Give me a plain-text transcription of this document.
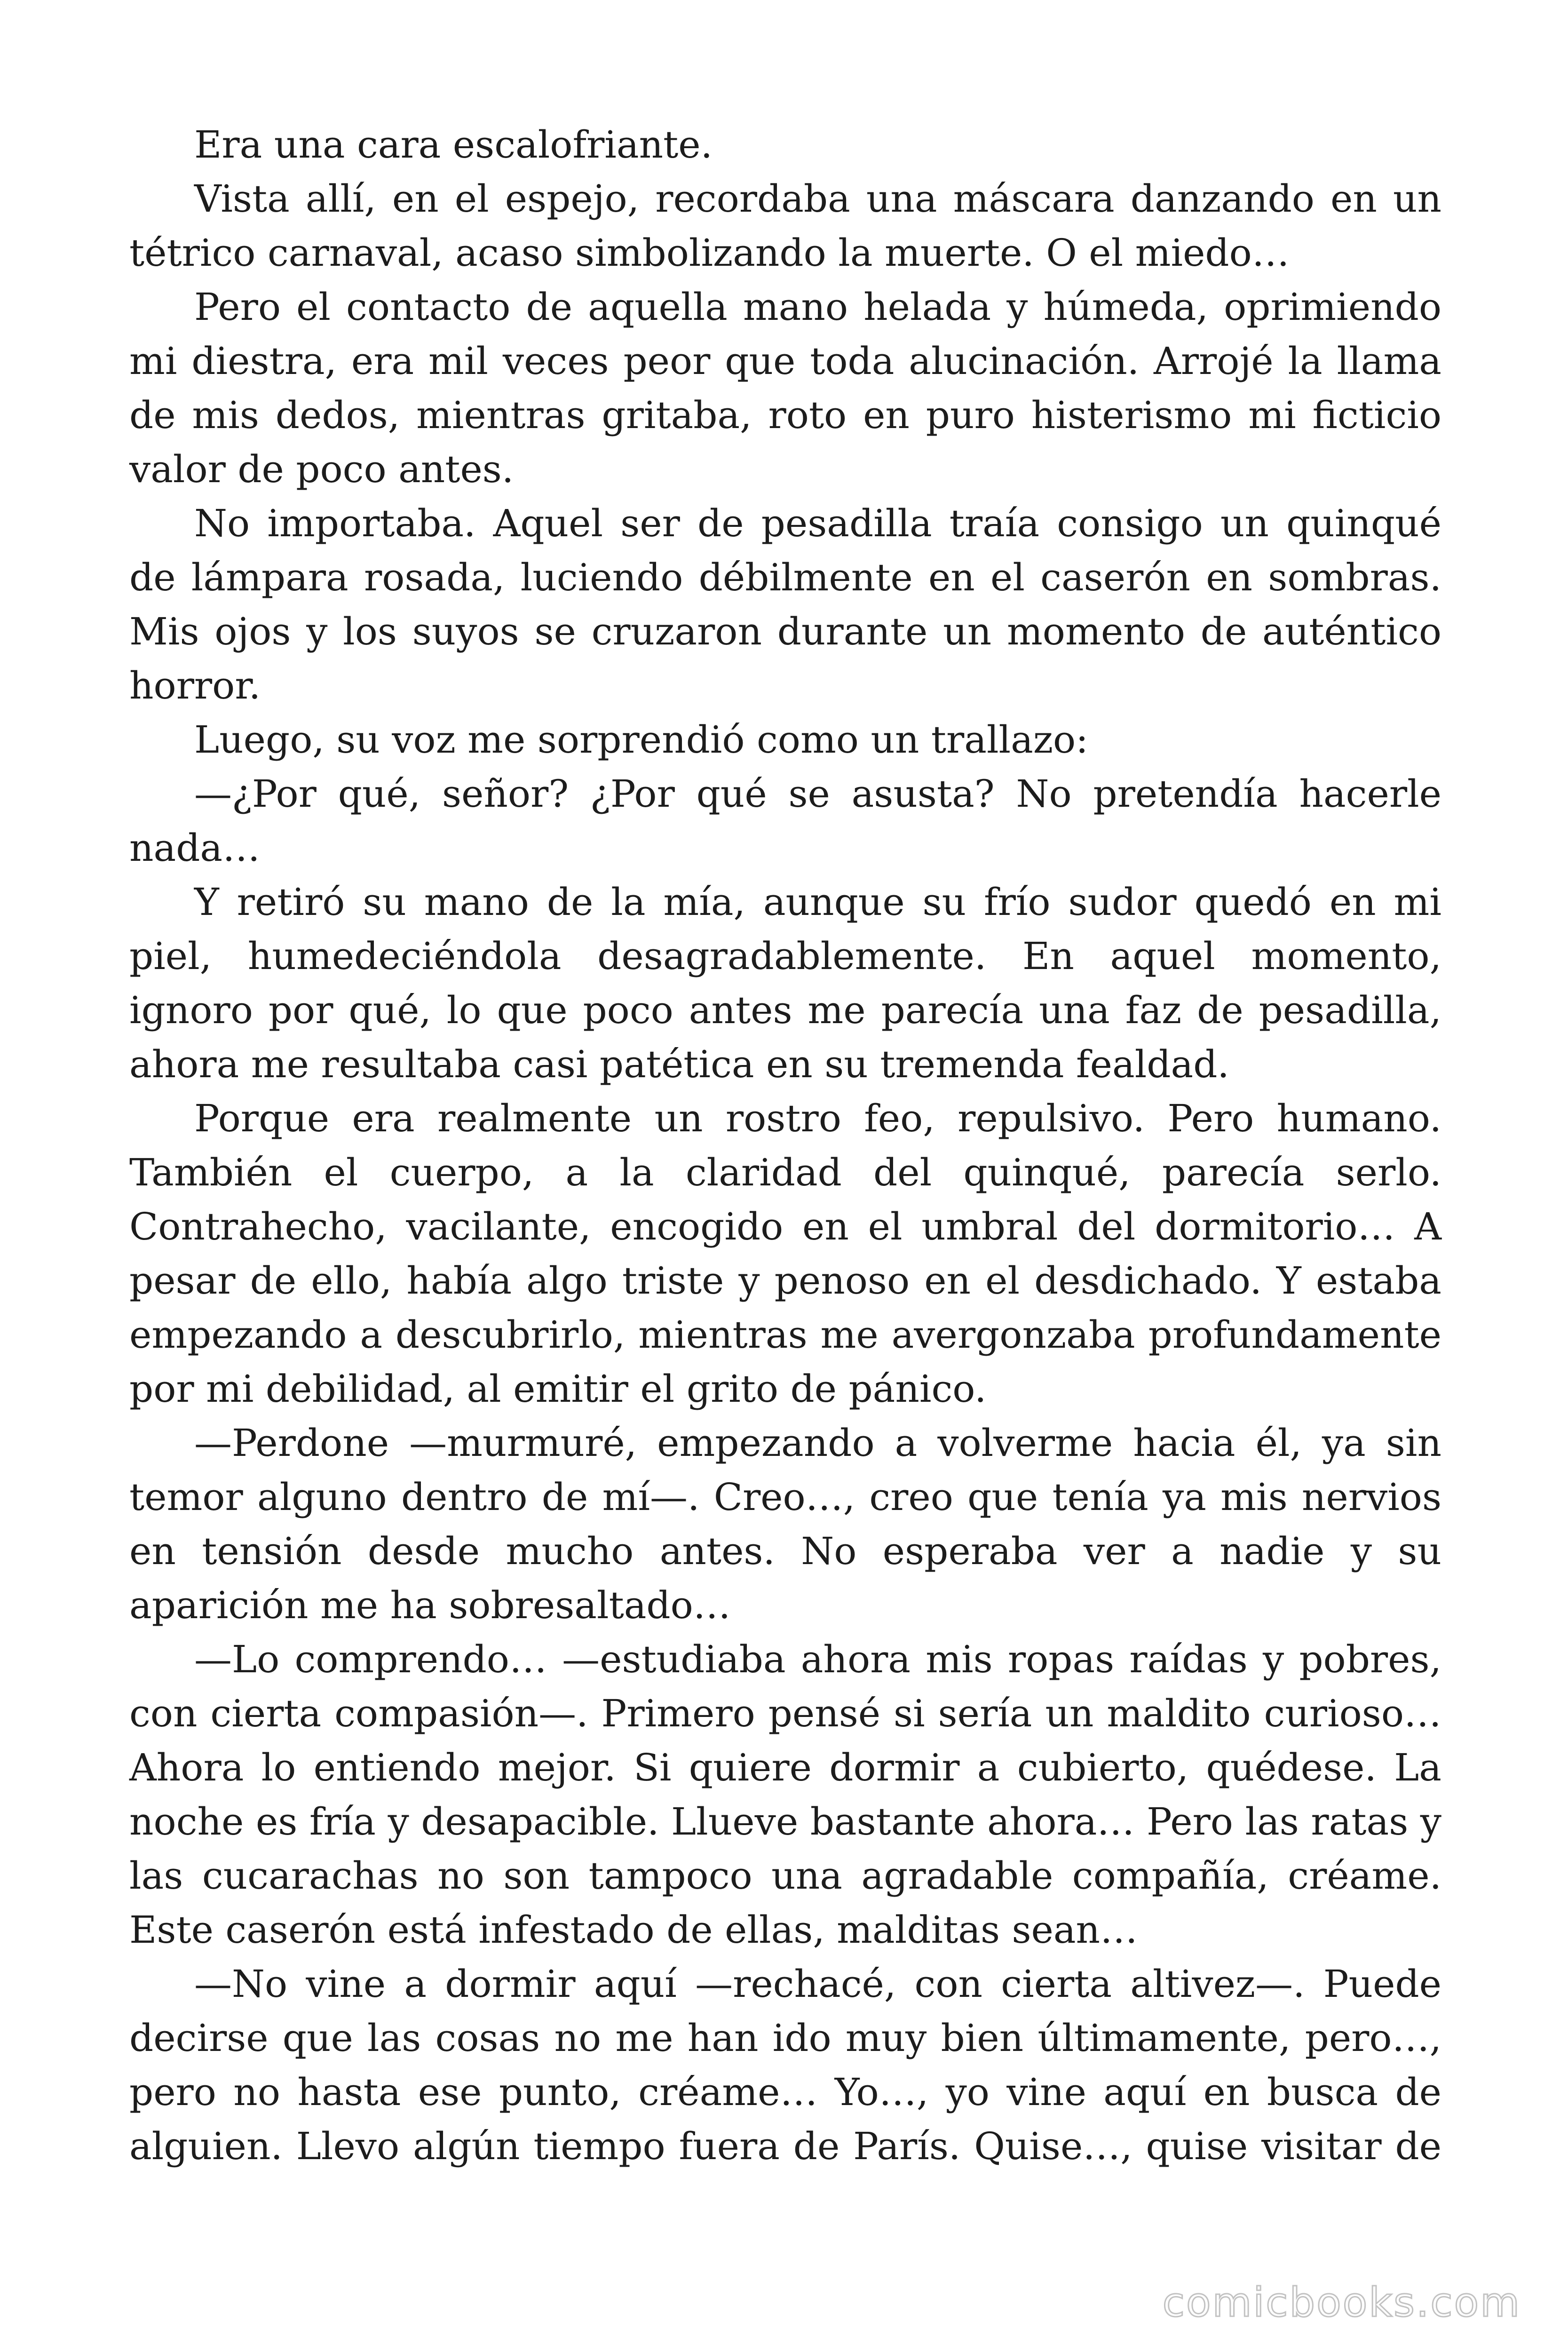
Era una cara escalofriante.

Vista allí, en el espejo, recordaba una máscara danzando en un tétrico carnaval, acaso simbolizando la muerte. O el miedo…

Pero el contacto de aquella mano helada y húmeda, oprimiendo mi diestra, era mil veces peor que toda alucinación. Arrojé la llama de mis dedos, mientras gritaba, roto en puro histerismo mi ficticio valor de poco antes.

No importaba. Aquel ser de pesadilla traía consigo un quinqué de lámpara rosada, luciendo débilmente en el caserón en sombras. Mis ojos y los suyos se cruzaron durante un momento de auténtico horror.

Luego, su voz me sorprendió como un trallazo:

—¿Por qué, señor? ¿Por qué se asusta? No pretendía hacerle nada…

Y retiró su mano de la mía, aunque su frío sudor quedó en mi piel, humedeciéndola desagradablemente. En aquel momento, ignoro por qué, lo que poco antes me parecía una faz de pesadilla, ahora me resultaba casi patética en su tremenda fealdad.

Porque era realmente un rostro feo, repulsivo. Pero humano. También el cuerpo, a la claridad del quinqué, parecía serlo. Contrahecho, vacilante, encogido en el umbral del dormitorio… A pesar de ello, había algo triste y penoso en el desdichado. Y estaba empezando a descubrirlo, mientras me avergonzaba profundamente por mi debilidad, al emitir el grito de pánico.

—Perdone —murmuré, empezando a volverme hacia él, ya sin temor alguno dentro de mí—. Creo…, creo que tenía ya mis nervios en tensión desde mucho antes. No esperaba ver a nadie y su aparición me ha sobresaltado…

—Lo comprendo… —estudiaba ahora mis ropas raídas y pobres, con cierta compasión—. Primero pensé si sería un maldito curioso… Ahora lo entiendo mejor. Si quiere dormir a cubierto, quédese. La noche es fría y desapacible. Llueve bastante ahora… Pero las ratas y las cucarachas no son tampoco una agradable compañía, créame. Este caserón está infestado de ellas, malditas sean…

—No vine a dormir aquí —rechacé, con cierta altivez—. Puede decirse que las cosas no me han ido muy bien últimamente, pero…, pero no hasta ese punto, créame… Yo…, yo vine aquí en busca de alguien. Llevo algún tiempo fuera de París. Quise…, quise visitar de

comicbooks.com
